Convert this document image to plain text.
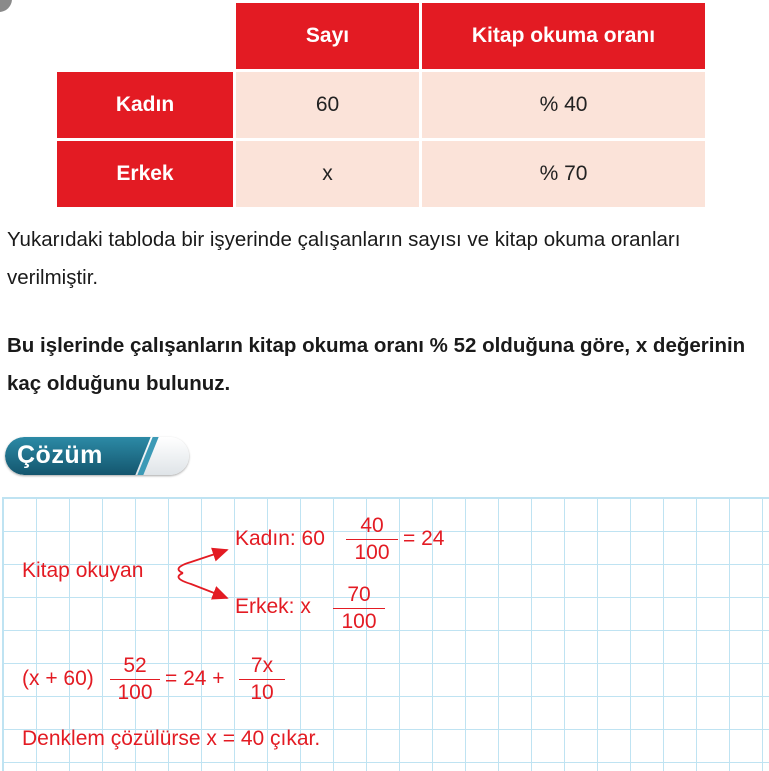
	Sayı	Kitap okuma oranı
Kadın	60	% 40
Erkek	x	% 70

Yukarıdaki tabloda bir işyerinde çalışanların sayısı ve kitap okuma oranları verilmiştir.

Bu işlerinde çalışanların kitap okuma oranı % 52 olduğuna göre, x değerinin kaç olduğunu bulunuz.

Çözüm
Kitap okuyan
Kadın: 60
40
100
= 24
Erkek: x
70
100
(x + 60)
52
100
= 24 +
7x
10
Denklem çözülürse x = 40 çıkar.
